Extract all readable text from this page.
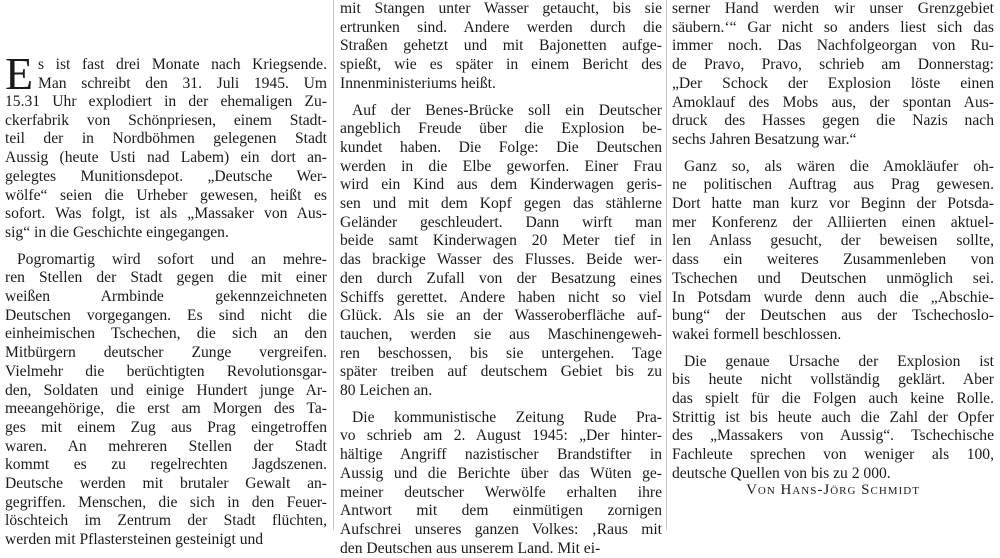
E s ist fast drei Monate nach Kriegsende.
Man schreibt den 31. Juli 1945. Um
15.31 Uhr explodiert in der ehemaligen Zu-
ckerfabrik von Schönpriesen, einem Stadt-
teil der in Nordböhmen gelegenen Stadt
Aussig (heute Usti nad Labem) ein dort an-
gelegtes Munitionsdepot. „Deutsche Wer-
wölfe“ seien die Urheber gewesen, heißt es
sofort. Was folgt, ist als „Massaker von Aus-
sig“ in die Geschichte eingegangen.
Pogromartig wird sofort und an mehre-
ren Stellen der Stadt gegen die mit einer
weißen Armbinde gekennzeichneten
Deutschen vorgegangen. Es sind nicht die
einheimischen Tschechen, die sich an den
Mitbürgern deutscher Zunge vergreifen.
Vielmehr die berüchtigten Revolutionsgar-
den, Soldaten und einige Hundert junge Ar-
meeangehörige, die erst am Morgen des Ta-
ges mit einem Zug aus Prag eingetroffen
waren. An mehreren Stellen der Stadt
kommt es zu regelrechten Jagdszenen.
Deutsche werden mit brutaler Gewalt an-
gegriffen. Menschen, die sich in den Feuer-
löschteich im Zentrum der Stadt flüchten,
werden mit Pflastersteinen gesteinigt und
mit Stangen unter Wasser getaucht, bis sie
ertrunken sind. Andere werden durch die
Straßen gehetzt und mit Bajonetten aufge-
spießt, wie es später in einem Bericht des
Innenministeriums heißt.
Auf der Benes-Brücke soll ein Deutscher
angeblich Freude über die Explosion be-
kundet haben. Die Folge: Die Deutschen
werden in die Elbe geworfen. Einer Frau
wird ein Kind aus dem Kinderwagen geris-
sen und mit dem Kopf gegen das stählerne
Geländer geschleudert. Dann wirft man
beide samt Kinderwagen 20 Meter tief in
das brackige Wasser des Flusses. Beide wer-
den durch Zufall von der Besatzung eines
Schiffs gerettet. Andere haben nicht so viel
Glück. Als sie an der Wasseroberfläche auf-
tauchen, werden sie aus Maschinengeweh-
ren beschossen, bis sie untergehen. Tage
später treiben auf deutschem Gebiet bis zu
80 Leichen an.
Die kommunistische Zeitung Rude Pra-
vo schrieb am 2. August 1945: „Der hinter-
hältige Angriff nazistischer Brandstifter in
Aussig und die Berichte über das Wüten ge-
meiner deutscher Werwölfe erhalten ihre
Antwort mit dem einmütigen zornigen
Aufschrei unseres ganzen Volkes: ‚Raus mit
den Deutschen aus unserem Land. Mit ei-
serner Hand werden wir unser Grenzgebiet
säubern.‘“ Gar nicht so anders liest sich das
immer noch. Das Nachfolgeorgan von Ru-
de Pravo, Pravo, schrieb am Donnerstag:
„Der Schock der Explosion löste einen
Amoklauf des Mobs aus, der spontan Aus-
druck des Hasses gegen die Nazis nach
sechs Jahren Besatzung war.“
Ganz so, als wären die Amokläufer oh-
ne politischen Auftrag aus Prag gewesen.
Dort hatte man kurz vor Beginn der Potsda-
mer Konferenz der Alliierten einen aktuel-
len Anlass gesucht, der beweisen sollte,
dass ein weiteres Zusammenleben von
Tschechen und Deutschen unmöglich sei.
In Potsdam wurde denn auch die „Abschie-
bung“ der Deutschen aus der Tschechoslo-
wakei formell beschlossen.
Die genaue Ursache der Explosion ist
bis heute nicht vollständig geklärt. Aber
das spielt für die Folgen auch keine Rolle.
Strittig ist bis heute auch die Zahl der Opfer
des „Massakers von Aussig“. Tschechische
Fachleute sprechen von weniger als 100,
deutsche Quellen von bis zu 2 000.
Von Hans-Jörg Schmidt
